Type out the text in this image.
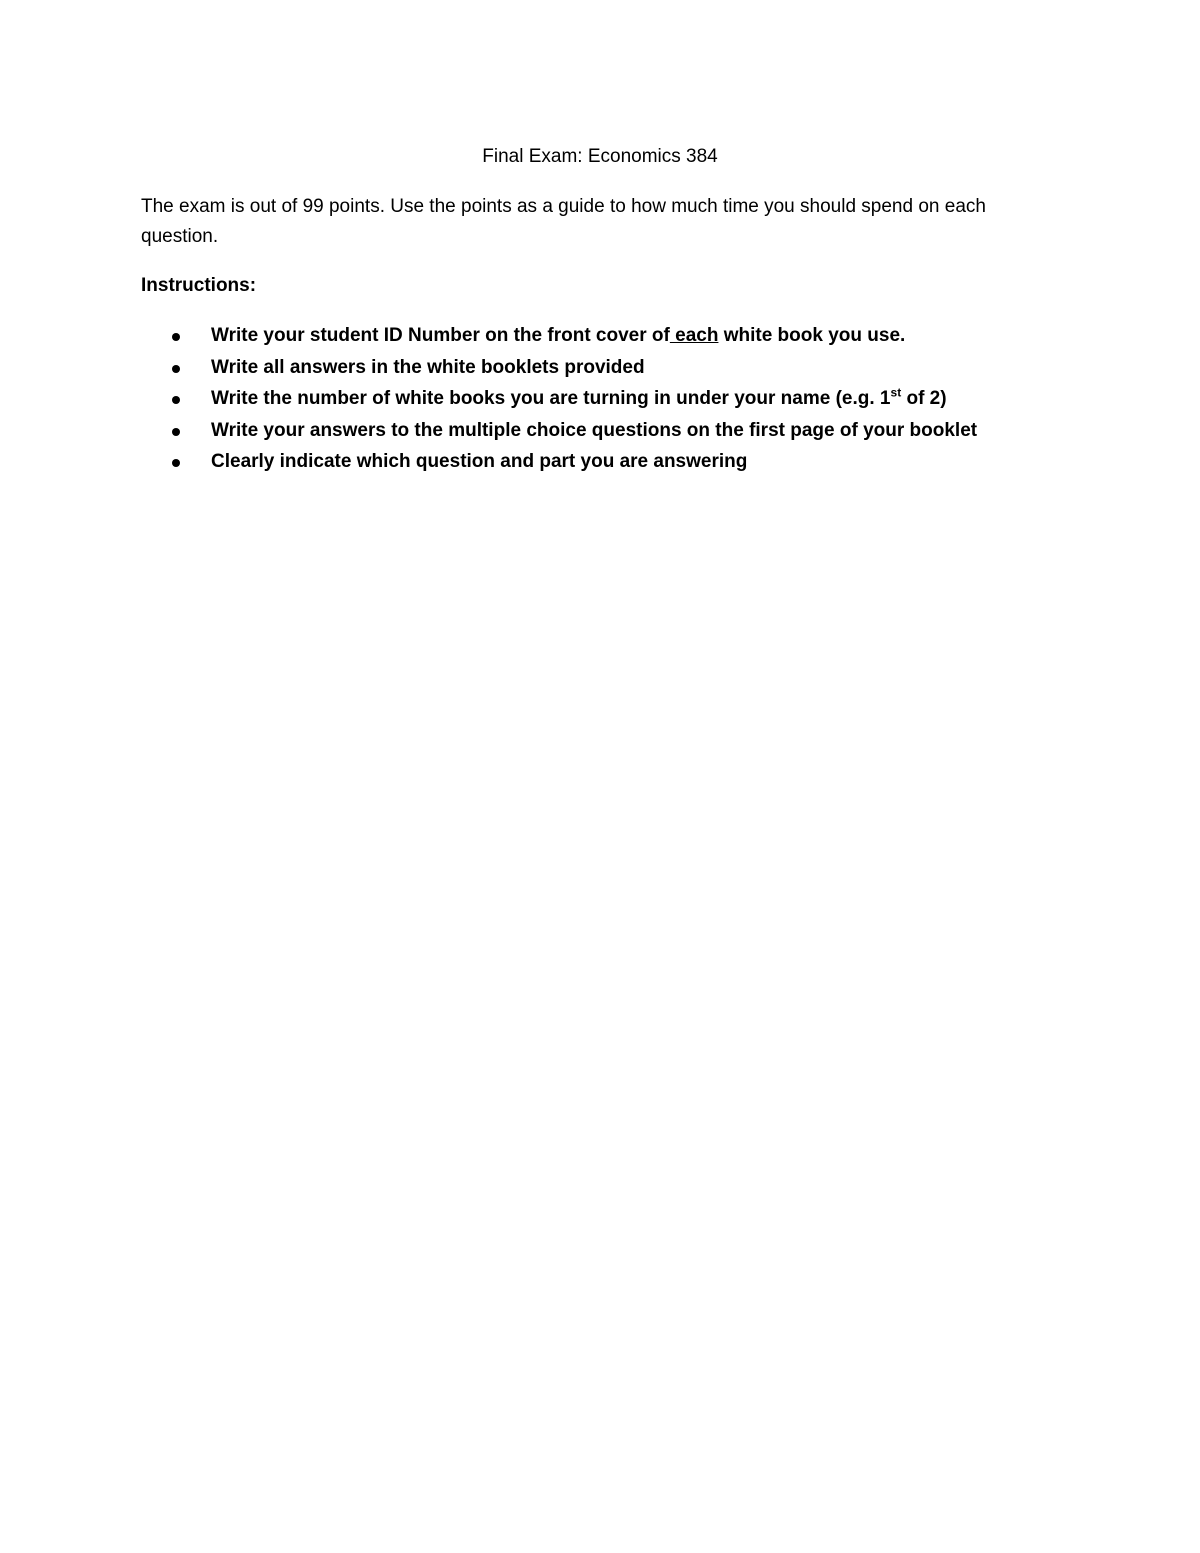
Final Exam: Economics 384

The exam is out of 99 points. Use the points as a guide to how much time you should spend on each question.

Instructions:

Write your student ID Number on the front cover of each white book you use.
Write all answers in the white booklets provided
Write the number of white books you are turning in under your name (e.g. 1st of 2)
Write your answers to the multiple choice questions on the first page of your booklet
Clearly indicate which question and part you are answering
